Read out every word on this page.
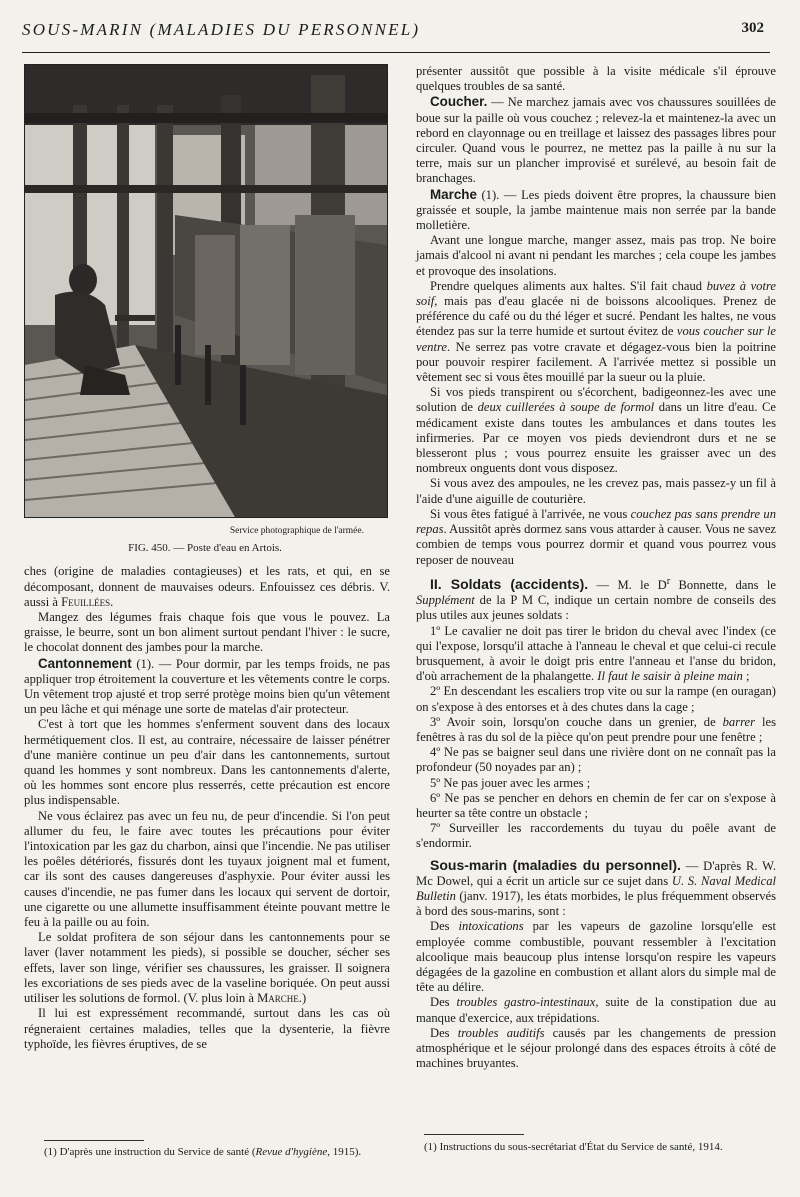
SOUS-MARIN (MALADIES DU PERSONNEL)	302
Service photographique de l'armée.
FIG. 450. — Poste d'eau en Artois.

ches (origine de maladies contagieuses) et les rats, et qui, en se décomposant, donnent de mauvaises odeurs. Enfouissez ces débris. V. aussi à Feuillées.

Mangez des légumes frais chaque fois que vous le pouvez. La graisse, le beurre, sont un bon aliment surtout pendant l'hiver : le sucre, le chocolat donnent des jambes pour la marche.

Cantonnement (1). — Pour dormir, par les temps froids, ne pas appliquer trop étroitement la couverture et les vêtements contre le corps. Un vêtement trop ajusté et trop serré protège moins bien qu'un vêtement un peu lâche et qui ménage une sorte de matelas d'air protecteur.

C'est à tort que les hommes s'enferment souvent dans des locaux hermétiquement clos. Il est, au contraire, nécessaire de laisser pénétrer d'une manière continue un peu d'air dans les cantonnements, surtout quand les hommes y sont nombreux. Dans les cantonnements d'alerte, où les hommes sont encore plus resserrés, cette précaution est encore plus indispensable.

Ne vous éclairez pas avec un feu nu, de peur d'incendie. Si l'on peut allumer du feu, le faire avec toutes les précautions pour éviter l'intoxication par les gaz du charbon, ainsi que l'incendie. Ne pas utiliser les poêles détériorés, fissurés dont les tuyaux joignent mal et fument, car ils sont des causes dangereuses d'asphyxie. Pour éviter aussi les causes d'incendie, ne pas fumer dans les locaux qui servent de dortoir, une cigarette ou une allumette insuffisamment éteinte pouvant mettre le feu à la paille ou au foin.

Le soldat profitera de son séjour dans les cantonnements pour se laver (laver notamment les pieds), si possible se doucher, sécher ses effets, laver son linge, vérifier ses chaussures, les graisser. Il soignera les excoriations de ses pieds avec de la vaseline boriquée. On peut aussi utiliser les solutions de formol. (V. plus loin à Marche.)

Il lui est expressément recommandé, surtout dans les cas où régneraient certaines maladies, telles que la dysenterie, la fièvre typhoïde, les fièvres éruptives, de se

(1) D'après une instruction du Service de santé (Revue d'hygiène, 1915).

présenter aussitôt que possible à la visite médicale s'il éprouve quelques troubles de sa santé.

Coucher. — Ne marchez jamais avec vos chaussures souillées de boue sur la paille où vous couchez ; relevez-la et maintenez-la avec un rebord en clayonnage ou en treillage et laissez des passages libres pour circuler. Quand vous le pourrez, ne mettez pas la paille à nu sur la terre, mais sur un plancher improvisé et surélevé, au besoin fait de branchages.

Marche (1). — Les pieds doivent être propres, la chaussure bien graissée et souple, la jambe maintenue mais non serrée par la bande molletière.

Avant une longue marche, manger assez, mais pas trop. Ne boire jamais d'alcool ni avant ni pendant les marches ; cela coupe les jambes et provoque des insolations.

Prendre quelques aliments aux haltes. S'il fait chaud buvez à votre soif, mais pas d'eau glacée ni de boissons alcooliques. Prenez de préférence du café ou du thé léger et sucré. Pendant les haltes, ne vous étendez pas sur la terre humide et surtout évitez de vous coucher sur le ventre. Ne serrez pas votre cravate et dégagez-vous bien la poitrine pour pouvoir respirer facilement. A l'arrivée mettez si possible un vêtement sec si vous êtes mouillé par la sueur ou la pluie.

Si vos pieds transpirent ou s'écorchent, badigeonnez-les avec une solution de deux cuillerées à soupe de formol dans un litre d'eau. Ce médicament existe dans toutes les ambulances et dans toutes les infirmeries. Par ce moyen vos pieds deviendront durs et ne se blesseront plus ; vous pourrez ensuite les graisser avec un des nombreux onguents dont vous disposez.

Si vous avez des ampoules, ne les crevez pas, mais passez-y un fil à l'aide d'une aiguille de couturière.

Si vous êtes fatigué à l'arrivée, ne vous couchez pas sans prendre un repas. Aussitôt après dormez sans vous attarder à causer. Vous ne savez combien de temps vous pourrez dormir et quand vous pourrez vous reposer de nouveau

II. Soldats (accidents). — M. le $D^r$ Bonnette, dans le Supplément de la P M C, indique un certain nombre de conseils des plus utiles aux jeunes soldats :

1º Le cavalier ne doit pas tirer le bridon du cheval avec l'index (ce qui l'expose, lorsqu'il attache à l'anneau le cheval et que celui-ci recule brusquement, à avoir le doigt pris entre l'anneau et l'anse du bridon, d'où arrachement de la phalangette. Il faut le saisir à pleine main ;

2º En descendant les escaliers trop vite ou sur la rampe (en ouragan) on s'expose à des entorses et à des chutes dans la cage ;

3º Avoir soin, lorsqu'on couche dans un grenier, de barrer les fenêtres à ras du sol de la pièce qu'on peut prendre pour une fenêtre ;

4º Ne pas se baigner seul dans une rivière dont on ne connaît pas la profondeur (50 noyades par an) ;

5º Ne pas jouer avec les armes ;

6º Ne pas se pencher en dehors en chemin de fer car on s'expose à heurter sa tête contre un obstacle ;

7º Surveiller les raccordements du tuyau du poêle avant de s'endormir.

Sous-marin (maladies du personnel). — D'après R. W. Mc Dowel, qui a écrit un article sur ce sujet dans U. S. Naval Medical Bulletin (janv. 1917), les états morbides, le plus fréquemment observés à bord des sous-marins, sont :

Des intoxications par les vapeurs de gazoline lorsqu'elle est employée comme combustible, pouvant ressembler à l'excitation alcoolique mais beaucoup plus intense lorsqu'on respire les vapeurs dégagées de la gazoline en combustion et allant alors du simple mal de tête au délire.

Des troubles gastro-intestinaux, suite de la constipation due au manque d'exercice, aux trépidations.

Des troubles auditifs causés par les changements de pression atmosphérique et le séjour prolongé dans des espaces étroits à côté de machines bruyantes.

(1) Instructions du sous-secrétariat d'État du Service de santé, 1914.
